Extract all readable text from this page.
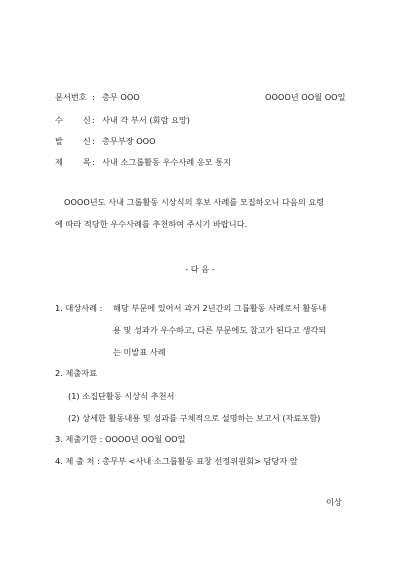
문서번호 : 총무 OOO	OOOO년 OO월 OO일
수 신 : 사내 각 부서 (회람 요망)
발 신 : 총무부장 OOO
제 목 : 사내 소그룹활동 우수사례 응모 통지
OOOO년도 사내 그룹활동 시상식의 후보 사례를 모집하오니 다음의 요령
에 따라 적당한 우수사례를 추천하여 주시기 바랍니다.
- 다 음 -
1. 대상사례 : 해당 부문에 있어서 과거 2년간의 그룹활동 사례로서 활동내
용 및 성과가 우수하고, 다른 부문에도 참고가 된다고 생각되
는 미발표 사례
2. 제출자료
(1) 소집단활동 시상식 추천서
(2) 상세한 활동내용 및 성과를 구체적으로 설명하는 보고서 (자료포함)
3. 제출기한 : OOOO년 OO월 OO일
4. 제 출 처 : 총무부 <사내 소그룹활동 표창 선정위원회> 담당자 앞
이상
